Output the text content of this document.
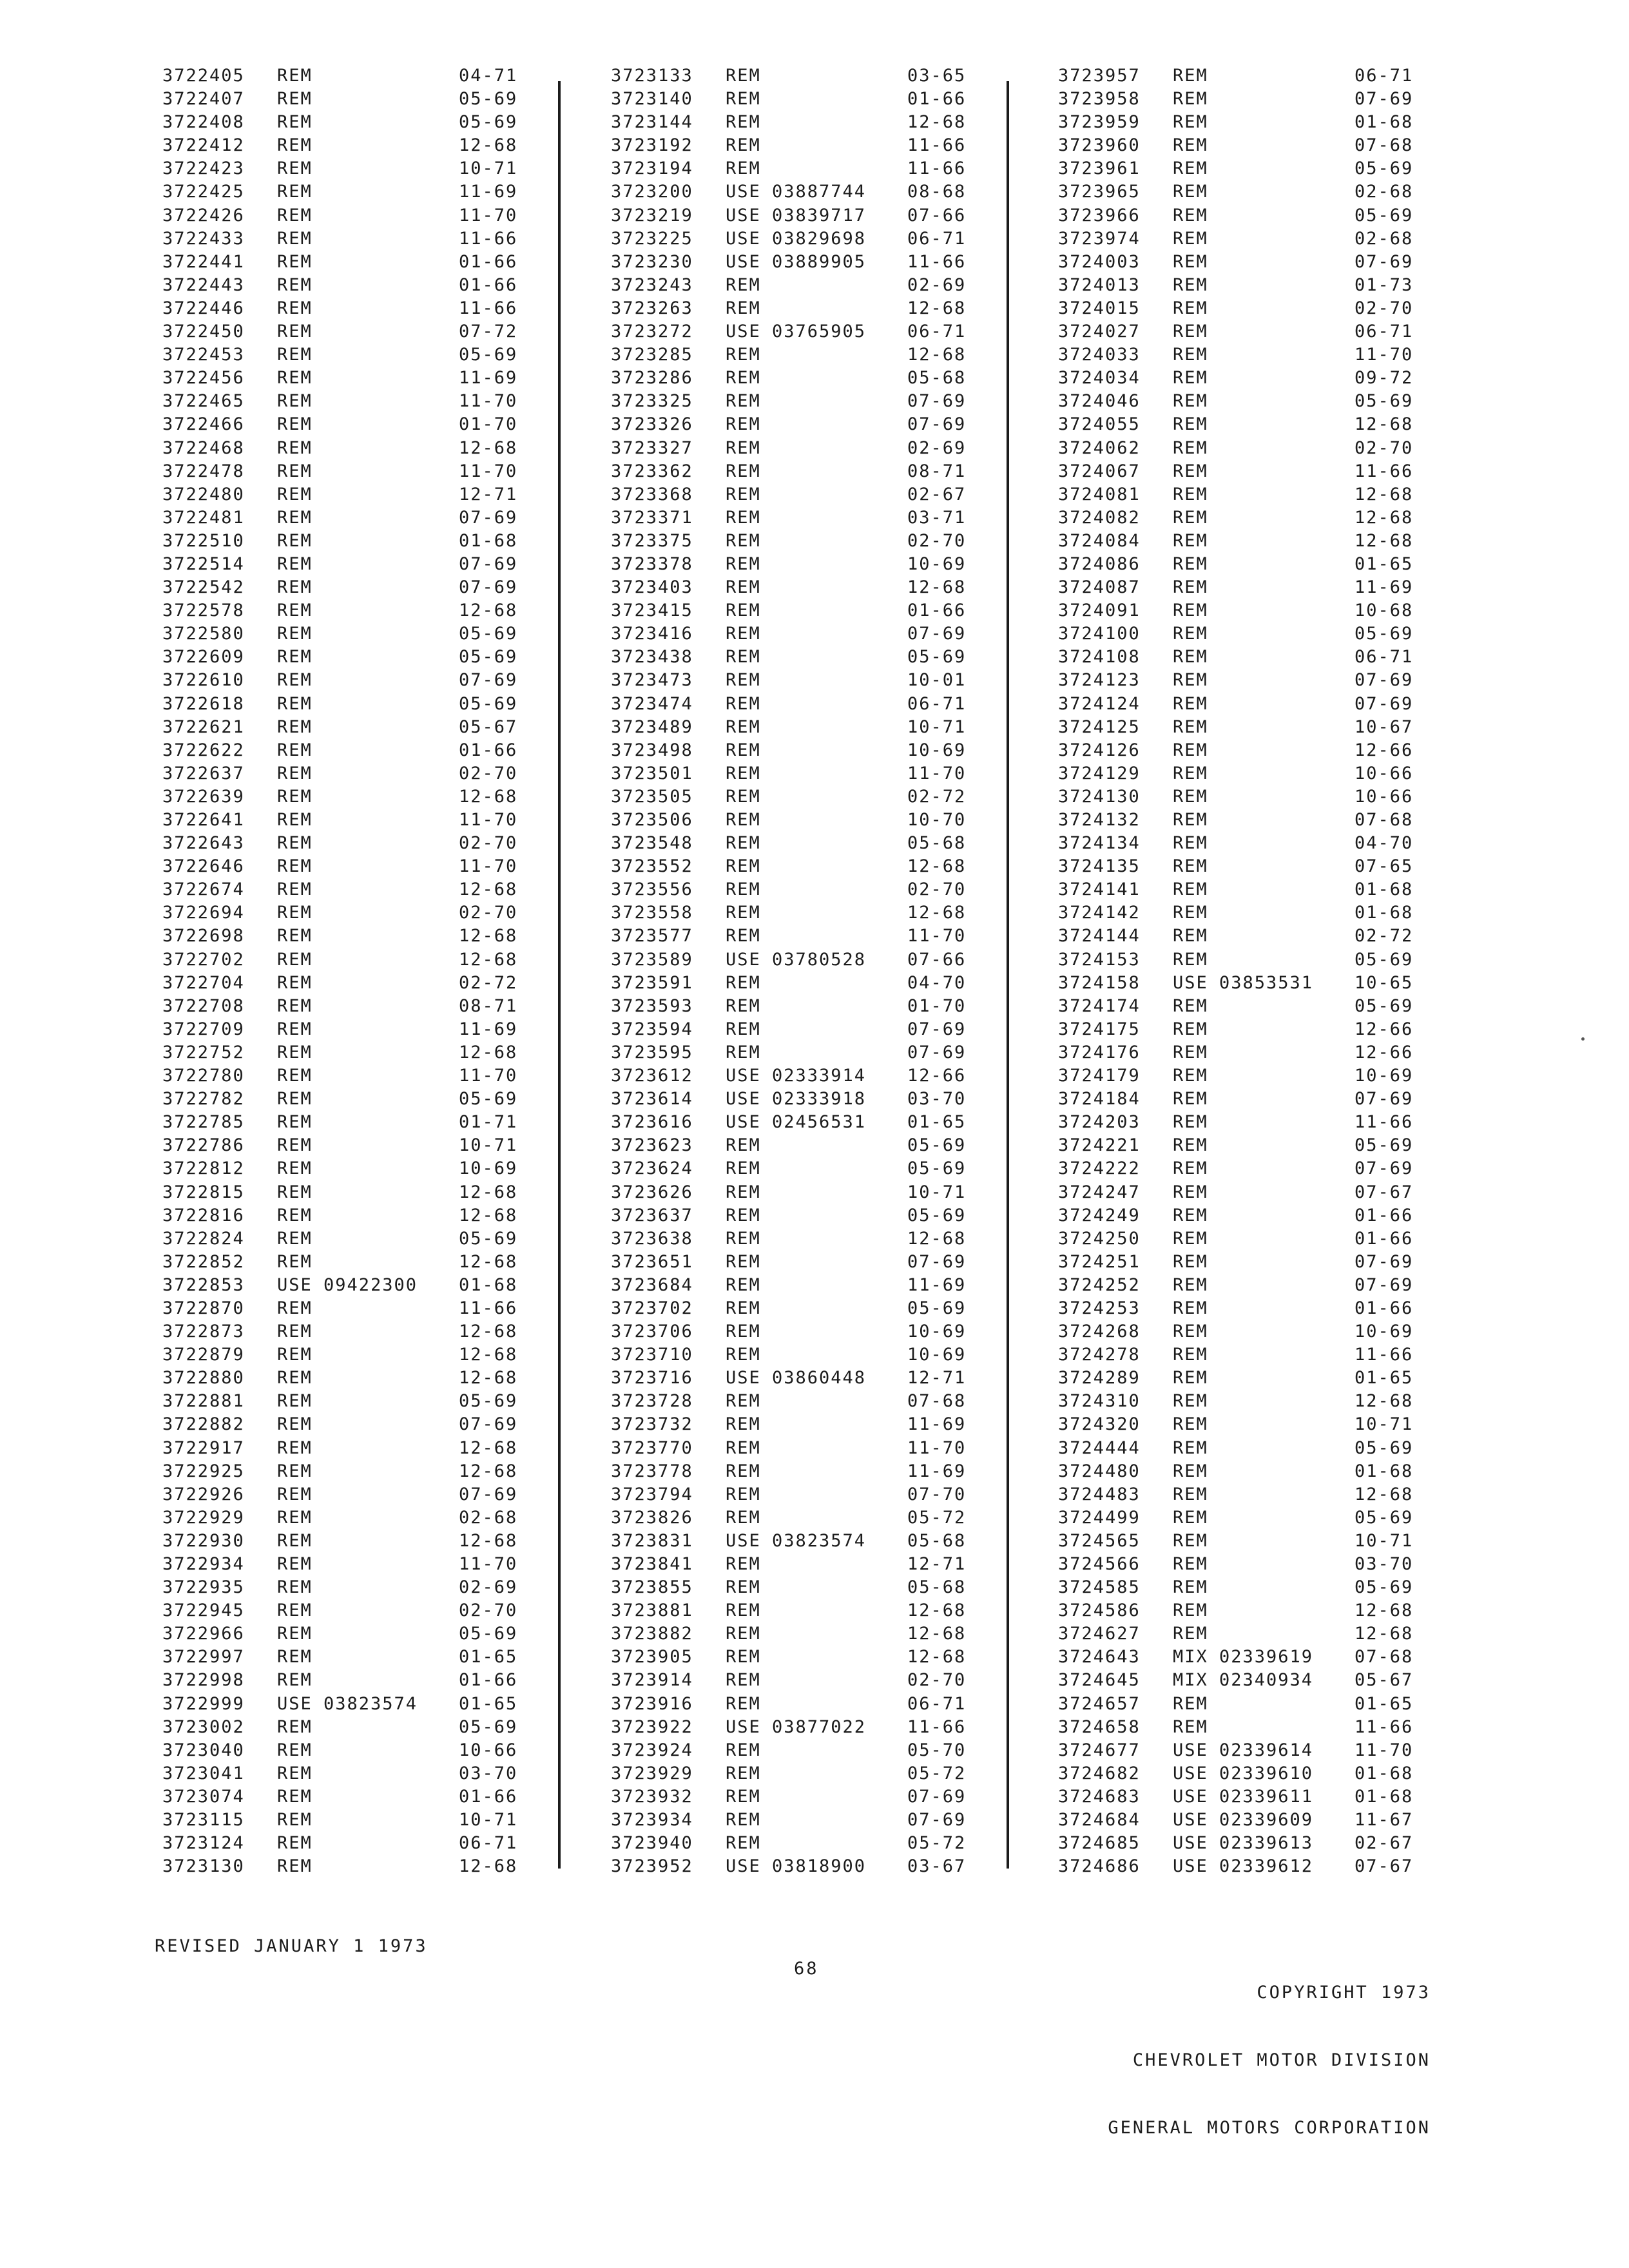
3722405	REM	04-71
3722407	REM	05-69
3722408	REM	05-69
3722412	REM	12-68
3722423	REM	10-71
3722425	REM	11-69
3722426	REM	11-70
3722433	REM	11-66
3722441	REM	01-66
3722443	REM	01-66
3722446	REM	11-66
3722450	REM	07-72
3722453	REM	05-69
3722456	REM	11-69
3722465	REM	11-70
3722466	REM	01-70
3722468	REM	12-68
3722478	REM	11-70
3722480	REM	12-71
3722481	REM	07-69
3722510	REM	01-68
3722514	REM	07-69
3722542	REM	07-69
3722578	REM	12-68
3722580	REM	05-69
3722609	REM	05-69
3722610	REM	07-69
3722618	REM	05-69
3722621	REM	05-67
3722622	REM	01-66
3722637	REM	02-70
3722639	REM	12-68
3722641	REM	11-70
3722643	REM	02-70
3722646	REM	11-70
3722674	REM	12-68
3722694	REM	02-70
3722698	REM	12-68
3722702	REM	12-68
3722704	REM	02-72
3722708	REM	08-71
3722709	REM	11-69
3722752	REM	12-68
3722780	REM	11-70
3722782	REM	05-69
3722785	REM	01-71
3722786	REM	10-71
3722812	REM	10-69
3722815	REM	12-68
3722816	REM	12-68
3722824	REM	05-69
3722852	REM	12-68
3722853	USE 09422300	01-68
3722870	REM	11-66
3722873	REM	12-68
3722879	REM	12-68
3722880	REM	12-68
3722881	REM	05-69
3722882	REM	07-69
3722917	REM	12-68
3722925	REM	12-68
3722926	REM	07-69
3722929	REM	02-68
3722930	REM	12-68
3722934	REM	11-70
3722935	REM	02-69
3722945	REM	02-70
3722966	REM	05-69
3722997	REM	01-65
3722998	REM	01-66
3722999	USE 03823574	01-65
3723002	REM	05-69
3723040	REM	10-66
3723041	REM	03-70
3723074	REM	01-66
3723115	REM	10-71
3723124	REM	06-71
3723130	REM	12-68
3723133	REM	03-65
3723140	REM	01-66
3723144	REM	12-68
3723192	REM	11-66
3723194	REM	11-66
3723200	USE 03887744	08-68
3723219	USE 03839717	07-66
3723225	USE 03829698	06-71
3723230	USE 03889905	11-66
3723243	REM	02-69
3723263	REM	12-68
3723272	USE 03765905	06-71
3723285	REM	12-68
3723286	REM	05-68
3723325	REM	07-69
3723326	REM	07-69
3723327	REM	02-69
3723362	REM	08-71
3723368	REM	02-67
3723371	REM	03-71
3723375	REM	02-70
3723378	REM	10-69
3723403	REM	12-68
3723415	REM	01-66
3723416	REM	07-69
3723438	REM	05-69
3723473	REM	10-01
3723474	REM	06-71
3723489	REM	10-71
3723498	REM	10-69
3723501	REM	11-70
3723505	REM	02-72
3723506	REM	10-70
3723548	REM	05-68
3723552	REM	12-68
3723556	REM	02-70
3723558	REM	12-68
3723577	REM	11-70
3723589	USE 03780528	07-66
3723591	REM	04-70
3723593	REM	01-70
3723594	REM	07-69
3723595	REM	07-69
3723612	USE 02333914	12-66
3723614	USE 02333918	03-70
3723616	USE 02456531	01-65
3723623	REM	05-69
3723624	REM	05-69
3723626	REM	10-71
3723637	REM	05-69
3723638	REM	12-68
3723651	REM	07-69
3723684	REM	11-69
3723702	REM	05-69
3723706	REM	10-69
3723710	REM	10-69
3723716	USE 03860448	12-71
3723728	REM	07-68
3723732	REM	11-69
3723770	REM	11-70
3723778	REM	11-69
3723794	REM	07-70
3723826	REM	05-72
3723831	USE 03823574	05-68
3723841	REM	12-71
3723855	REM	05-68
3723881	REM	12-68
3723882	REM	12-68
3723905	REM	12-68
3723914	REM	02-70
3723916	REM	06-71
3723922	USE 03877022	11-66
3723924	REM	05-70
3723929	REM	05-72
3723932	REM	07-69
3723934	REM	07-69
3723940	REM	05-72
3723952	USE 03818900	03-67
3723957	REM	06-71
3723958	REM	07-69
3723959	REM	01-68
3723960	REM	07-68
3723961	REM	05-69
3723965	REM	02-68
3723966	REM	05-69
3723974	REM	02-68
3724003	REM	07-69
3724013	REM	01-73
3724015	REM	02-70
3724027	REM	06-71
3724033	REM	11-70
3724034	REM	09-72
3724046	REM	05-69
3724055	REM	12-68
3724062	REM	02-70
3724067	REM	11-66
3724081	REM	12-68
3724082	REM	12-68
3724084	REM	12-68
3724086	REM	01-65
3724087	REM	11-69
3724091	REM	10-68
3724100	REM	05-69
3724108	REM	06-71
3724123	REM	07-69
3724124	REM	07-69
3724125	REM	10-67
3724126	REM	12-66
3724129	REM	10-66
3724130	REM	10-66
3724132	REM	07-68
3724134	REM	04-70
3724135	REM	07-65
3724141	REM	01-68
3724142	REM	01-68
3724144	REM	02-72
3724153	REM	05-69
3724158	USE 03853531	10-65
3724174	REM	05-69
3724175	REM	12-66
3724176	REM	12-66
3724179	REM	10-69
3724184	REM	07-69
3724203	REM	11-66
3724221	REM	05-69
3724222	REM	07-69
3724247	REM	07-67
3724249	REM	01-66
3724250	REM	01-66
3724251	REM	07-69
3724252	REM	07-69
3724253	REM	01-66
3724268	REM	10-69
3724278	REM	11-66
3724289	REM	01-65
3724310	REM	12-68
3724320	REM	10-71
3724444	REM	05-69
3724480	REM	01-68
3724483	REM	12-68
3724499	REM	05-69
3724565	REM	10-71
3724566	REM	03-70
3724585	REM	05-69
3724586	REM	12-68
3724627	REM	12-68
3724643	MIX 02339619	07-68
3724645	MIX 02340934	05-67
3724657	REM	01-65
3724658	REM	11-66
3724677	USE 02339614	11-70
3724682	USE 02339610	01-68
3724683	USE 02339611	01-68
3724684	USE 02339609	11-67
3724685	USE 02339613	02-67
3724686	USE 02339612	07-67
REVISED JANUARY 1 1973
68

COPYRIGHT 1973

CHEVROLET MOTOR DIVISION

GENERAL MOTORS CORPORATION
